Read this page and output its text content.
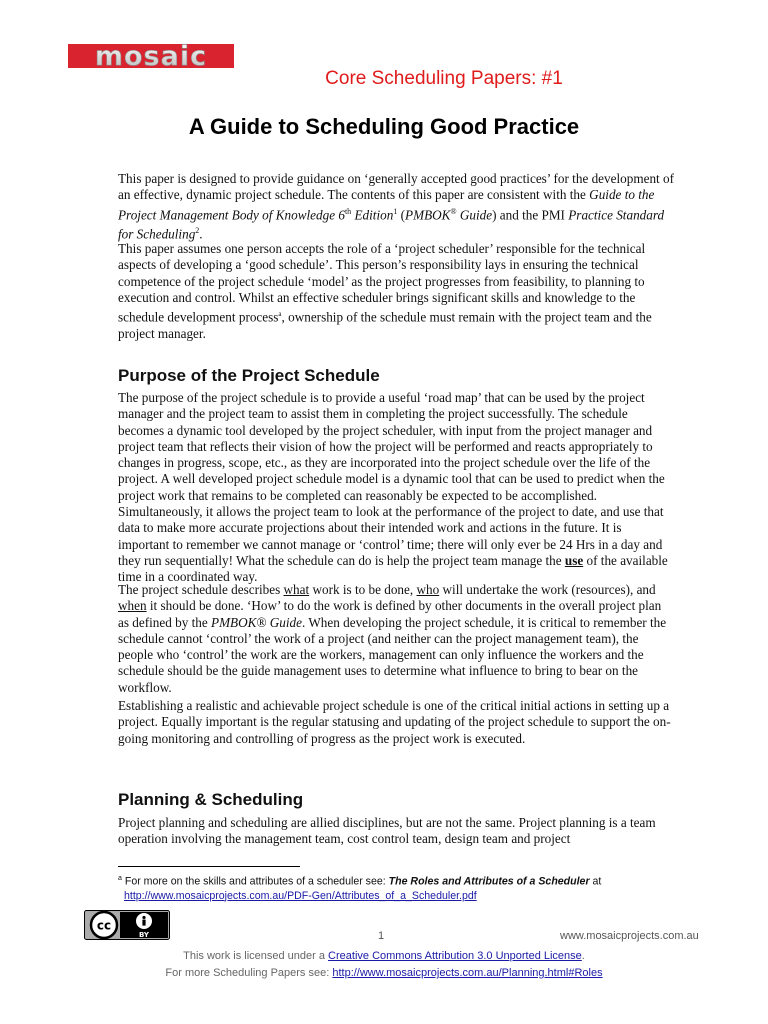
mosaic
Core Scheduling Papers: #1
A Guide to Scheduling Good Practice
This paper is designed to provide guidance on ‘generally accepted good practices’ for the development of an effective, dynamic project schedule. The contents of this paper are consistent with the Guide to the Project Management Body of Knowledge 6th Edition$^1$ (PMBOK® Guide) and the PMI Practice Standard for Scheduling$^2$.
This paper assumes one person accepts the role of a ‘project scheduler’ responsible for the technical aspects of developing a ‘good schedule’. This person’s responsibility lays in ensuring the technical competence of the project schedule ‘model’ as the project progresses from feasibility, to planning to execution and control. Whilst an effective scheduler brings significant skills and knowledge to the schedule development process$^a$, ownership of the schedule must remain with the project team and the project manager.
Purpose of the Project Schedule
The purpose of the project schedule is to provide a useful ‘road map’ that can be used by the project manager and the project team to assist them in completing the project successfully. The schedule becomes a dynamic tool developed by the project scheduler, with input from the project manager and project team that reflects their vision of how the project will be performed and reacts appropriately to changes in progress, scope, etc., as they are incorporated into the project schedule over the life of the project. A well developed project schedule model is a dynamic tool that can be used to predict when the project work that remains to be completed can reasonably be expected to be accomplished. Simultaneously, it allows the project team to look at the performance of the project to date, and use that data to make more accurate projections about their intended work and actions in the future. It is important to remember we cannot manage or ‘control’ time; there will only ever be 24 Hrs in a day and they run sequentially! What the schedule can do is help the project team manage the use of the available time in a coordinated way.
The project schedule describes what work is to be done, who will undertake the work (resources), and when it should be done. ‘How’ to do the work is defined by other documents in the overall project plan as defined by the PMBOK® Guide. When developing the project schedule, it is critical to remember the schedule cannot ‘control’ the work of a project (and neither can the project management team), the people who ‘control’ the work are the workers, management can only influence the workers and the schedule should be the guide management uses to determine what influence to bring to bear on the workflow.
Establishing a realistic and achievable project schedule is one of the critical initial actions in setting up a project. Equally important is the regular statusing and updating of the project schedule to support the on-going monitoring and controlling of progress as the project work is executed.
Planning & Scheduling
Project planning and scheduling are allied disciplines, but are not the same. Project planning is a team operation involving the management team, cost control team, design team and project
$^a$ For more on the skills and attributes of a scheduler see: The Roles and Attributes of a Scheduler at
http://www.mosaicprojects.com.au/PDF-Gen/Attributes_of_a_Scheduler.pdf
cc
BY	1	www.mosaicprojects.com.au
This work is licensed under a Creative Commons Attribution 3.0 Unported License.
For more Scheduling Papers see: http://www.mosaicprojects.com.au/Planning.html#Roles
